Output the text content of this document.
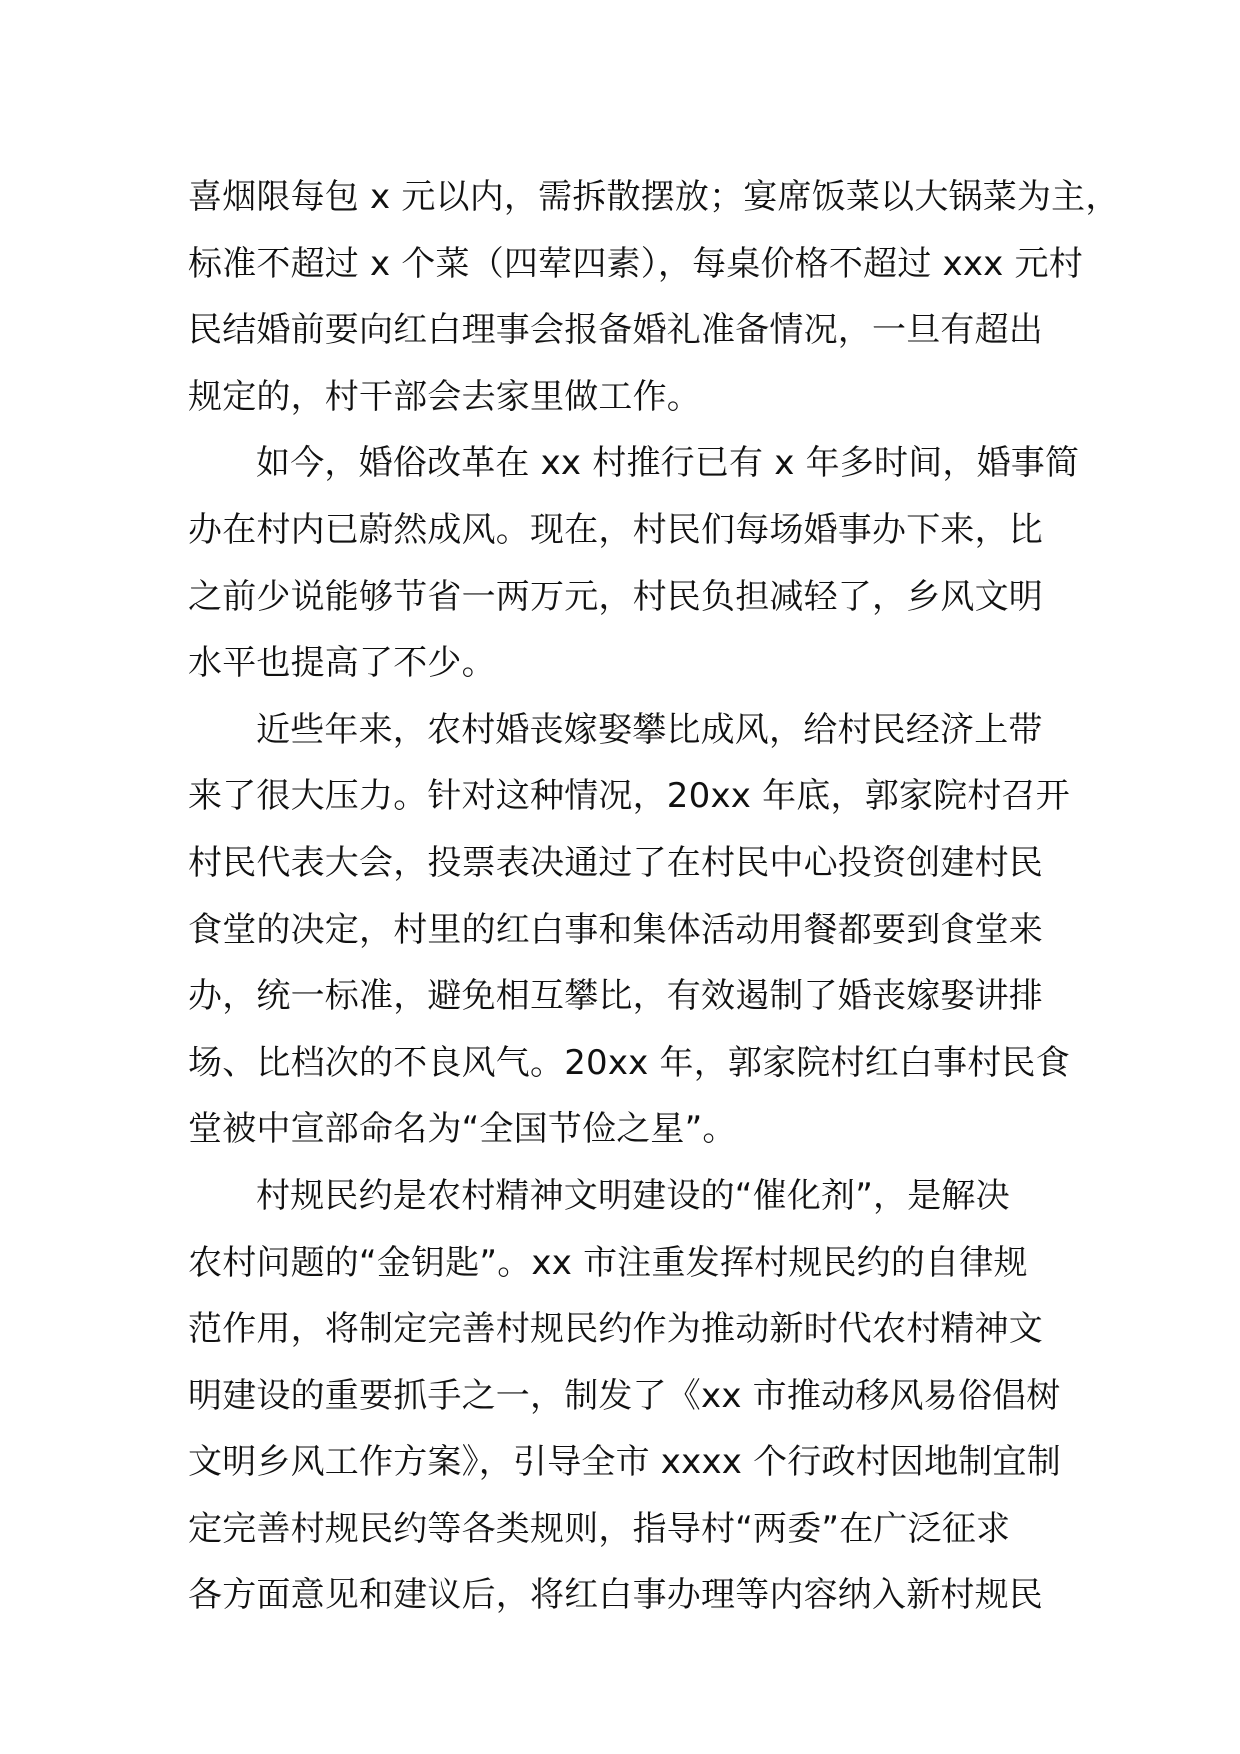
喜烟限每包 x 元以内，需拆散摆放；宴席饭菜以大锅菜为主，
标准不超过 x 个菜（四荤四素），每桌价格不超过 xxx 元村
民结婚前要向红白理事会报备婚礼准备情况，一旦有超出
规定的，村干部会去家里做工作。
如今，婚俗改革在 xx 村推行已有 x 年多时间，婚事简
办在村内已蔚然成风。现在，村民们每场婚事办下来，比
之前少说能够节省一两万元，村民负担减轻了，乡风文明
水平也提高了不少。
近些年来，农村婚丧嫁娶攀比成风，给村民经济上带
来了很大压力。针对这种情况，20xx 年底，郭家院村召开
村民代表大会，投票表决通过了在村民中心投资创建村民
食堂的决定，村里的红白事和集体活动用餐都要到食堂来
办，统一标准，避免相互攀比，有效遏制了婚丧嫁娶讲排
场、比档次的不良风气。20xx 年，郭家院村红白事村民食
堂被中宣部命名为“全国节俭之星”。
村规民约是农村精神文明建设的“催化剂”，是解决
农村问题的“金钥匙”。xx 市注重发挥村规民约的自律规
范作用，将制定完善村规民约作为推动新时代农村精神文
明建设的重要抓手之一，制发了《xx 市推动移风易俗倡树
文明乡风工作方案》，引导全市 xxxx 个行政村因地制宜制
定完善村规民约等各类规则，指导村“两委”在广泛征求
各方面意见和建议后，将红白事办理等内容纳入新村规民
